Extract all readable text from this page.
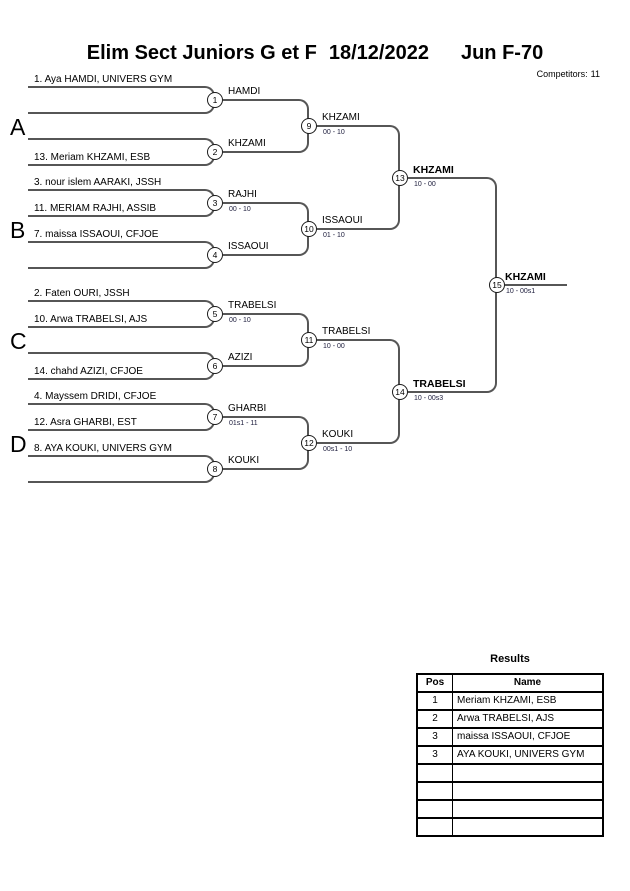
Elim Sect Juniors G et F 18/12/2022 Jun F-70
Competitors: 11
1. Aya HAMDI, UNIVERS GYM
13. Meriam KHZAMI, ESB
3. nour islem AARAKI, JSSH
11. MERIAM RAJHI, ASSIB
7. maissa ISSAOUI, CFJOE
2. Faten OURI, JSSH
10. Arwa TRABELSI, AJS
14. chahd AZIZI, CFJOE
4. Mayssem DRIDI, CFJOE
12. Asra GHARBI, EST
8. AYA KOUKI, UNIVERS GYM
1
HAMDI
2
KHZAMI
3
RAJHI
00 - 10
4
ISSAOUI
5
TRABELSI
00 - 10
6
AZIZI
7
GHARBI
01s1 - 11
8
KOUKI
9
KHZAMI
00 - 10
10
ISSAOUI
01 - 10
11
TRABELSI
10 - 00
12
KOUKI
00s1 - 10
13
KHZAMI
10 - 00
14
TRABELSI
10 - 00s3
15
KHZAMI
10 - 00s1
A
B
C
D
Results
Pos	Name
1	Meriam KHZAMI, ESB
2	Arwa TRABELSI, AJS
3	maissa ISSAOUI, CFJOE
3	AYA KOUKI, UNIVERS GYM
